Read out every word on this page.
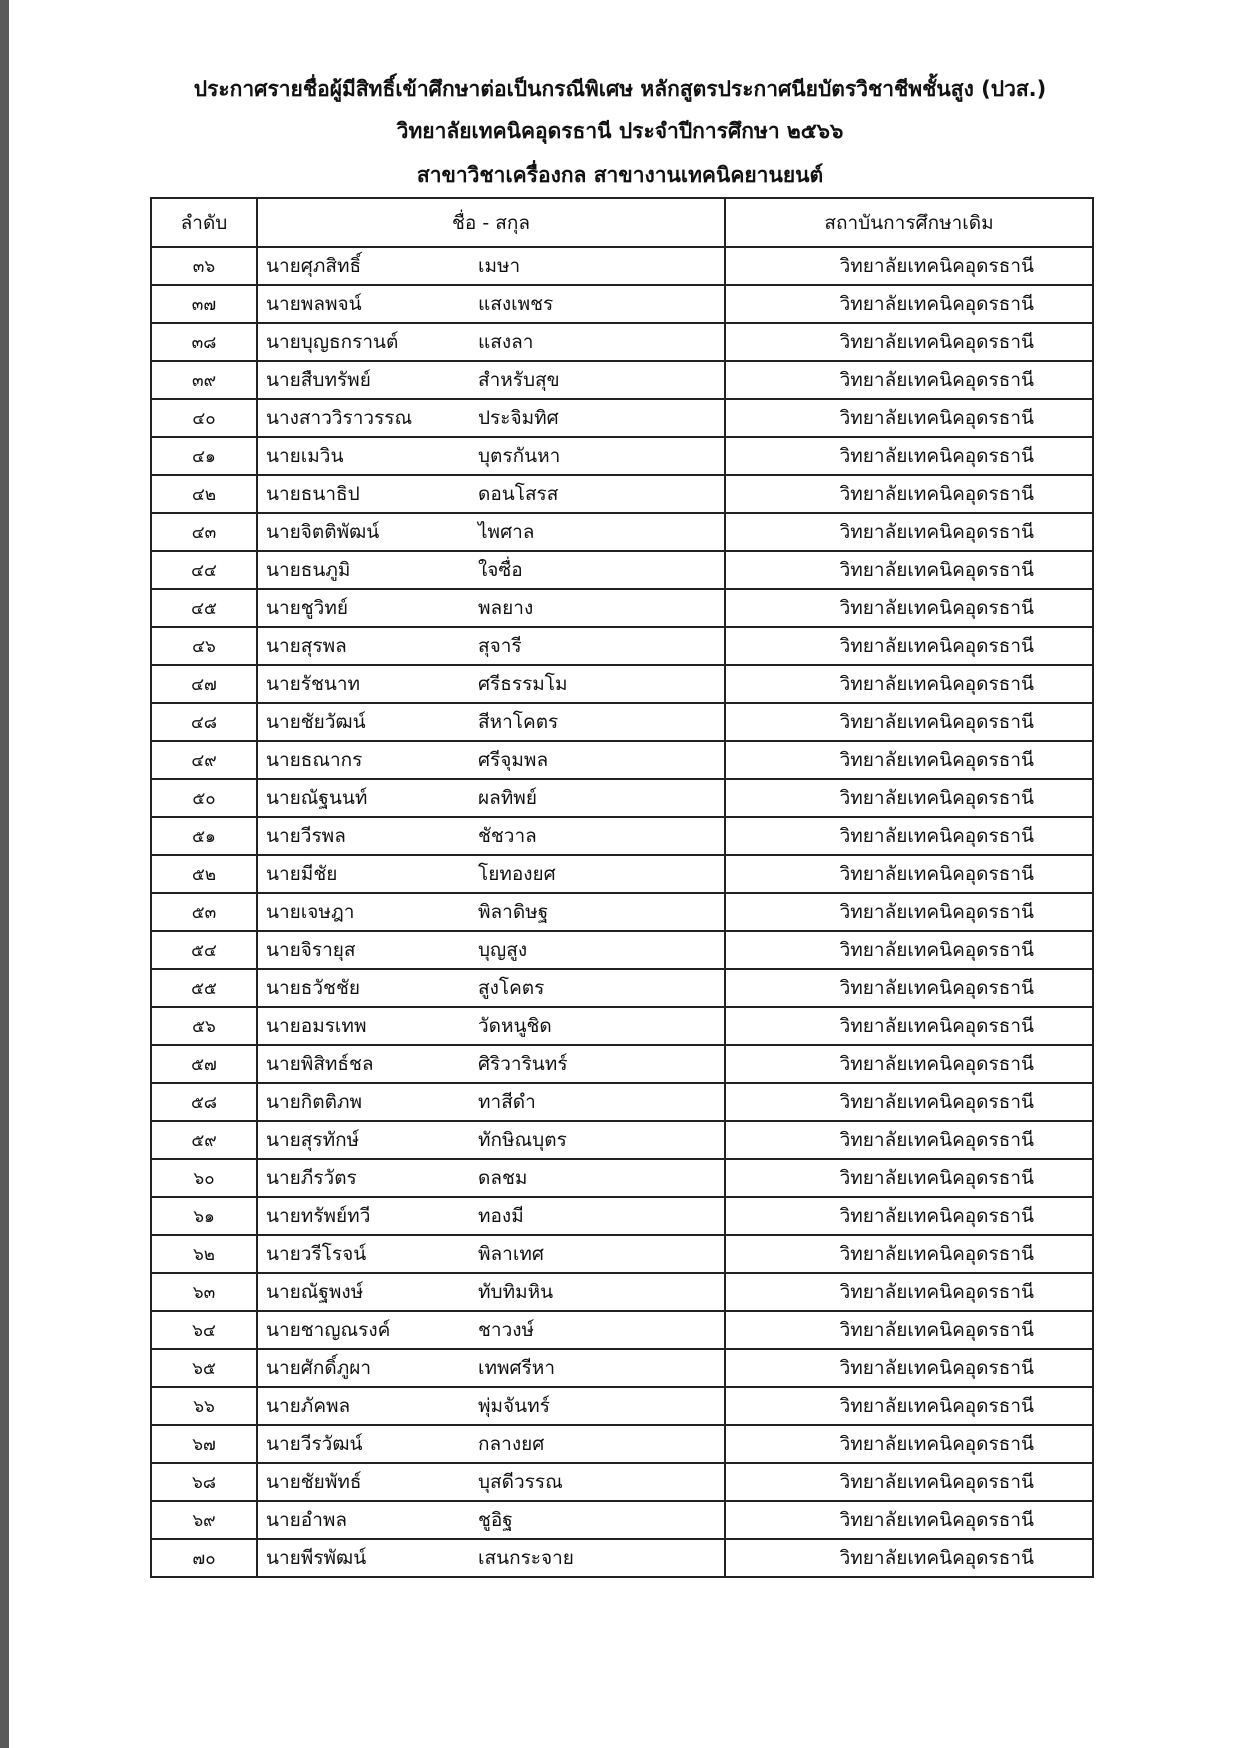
ประกาศรายชื่อผู้มีสิทธิ์เข้าศึกษาต่อเป็นกรณีพิเศษ หลักสูตรประกาศนียบัตรวิชาชีพชั้นสูง (ปวส.)
วิทยาลัยเทคนิคอุดรธานี ประจำปีการศึกษา ๒๕๖๖
สาขาวิชาเครื่องกล สาขางานเทคนิคยานยนต์
ลำดับ	ชื่อ - สกุล	สถาบันการศึกษาเดิม
๓๖	นายศุภสิทธิ์ เมษา	วิทยาลัยเทคนิคอุดรธานี
๓๗	นายพลพจน์ แสงเพชร	วิทยาลัยเทคนิคอุดรธานี
๓๘	นายบุญธกรานต์ แสงลา	วิทยาลัยเทคนิคอุดรธานี
๓๙	นายสืบทรัพย์ สำหรับสุข	วิทยาลัยเทคนิคอุดรธานี
๔๐	นางสาววิราวรรณ ประจิมทิศ	วิทยาลัยเทคนิคอุดรธานี
๔๑	นายเมวิน บุตรกันหา	วิทยาลัยเทคนิคอุดรธานี
๔๒	นายธนาธิป ดอนโสรส	วิทยาลัยเทคนิคอุดรธานี
๔๓	นายจิตติพัฒน์ ไพศาล	วิทยาลัยเทคนิคอุดรธานี
๔๔	นายธนภูมิ ใจซื่อ	วิทยาลัยเทคนิคอุดรธานี
๔๕	นายชูวิทย์ พลยาง	วิทยาลัยเทคนิคอุดรธานี
๔๖	นายสุรพล สุจารี	วิทยาลัยเทคนิคอุดรธานี
๔๗	นายรัชนาท ศรีธรรมโม	วิทยาลัยเทคนิคอุดรธานี
๔๘	นายชัยวัฒน์ สีหาโคตร	วิทยาลัยเทคนิคอุดรธานี
๔๙	นายธณากร ศรีจุมพล	วิทยาลัยเทคนิคอุดรธานี
๕๐	นายณัฐนนท์ ผลทิพย์	วิทยาลัยเทคนิคอุดรธานี
๕๑	นายวีรพล ชัชวาล	วิทยาลัยเทคนิคอุดรธานี
๕๒	นายมีชัย โยทองยศ	วิทยาลัยเทคนิคอุดรธานี
๕๓	นายเจษฎา พิลาดิษฐ	วิทยาลัยเทคนิคอุดรธานี
๕๔	นายจิรายุส บุญสูง	วิทยาลัยเทคนิคอุดรธานี
๕๕	นายธวัชชัย สูงโคตร	วิทยาลัยเทคนิคอุดรธานี
๕๖	นายอมรเทพ วัดหนูชิด	วิทยาลัยเทคนิคอุดรธานี
๕๗	นายพิสิทธ์ชล ศิริวารินทร์	วิทยาลัยเทคนิคอุดรธานี
๕๘	นายกิตติภพ ทาสีดำ	วิทยาลัยเทคนิคอุดรธานี
๕๙	นายสุรทักษ์ ทักษิณบุตร	วิทยาลัยเทคนิคอุดรธานี
๖๐	นายภีรวัตร ดลชม	วิทยาลัยเทคนิคอุดรธานี
๖๑	นายทรัพย์ทวี ทองมี	วิทยาลัยเทคนิคอุดรธานี
๖๒	นายวรีโรจน์ พิลาเทศ	วิทยาลัยเทคนิคอุดรธานี
๖๓	นายณัฐพงษ์ ทับทิมหิน	วิทยาลัยเทคนิคอุดรธานี
๖๔	นายชาญณรงค์ ชาวงษ์	วิทยาลัยเทคนิคอุดรธานี
๖๕	นายศักดิ์ภูผา เทพศรีหา	วิทยาลัยเทคนิคอุดรธานี
๖๖	นายภัคพล พุ่มจันทร์	วิทยาลัยเทคนิคอุดรธานี
๖๗	นายวีรวัฒน์ กลางยศ	วิทยาลัยเทคนิคอุดรธานี
๖๘	นายชัยพัทธ์ บุสดีวรรณ	วิทยาลัยเทคนิคอุดรธานี
๖๙	นายอำพล ชูอิฐ	วิทยาลัยเทคนิคอุดรธานี
๗๐	นายพีรพัฒน์ เสนกระจาย	วิทยาลัยเทคนิคอุดรธานี
